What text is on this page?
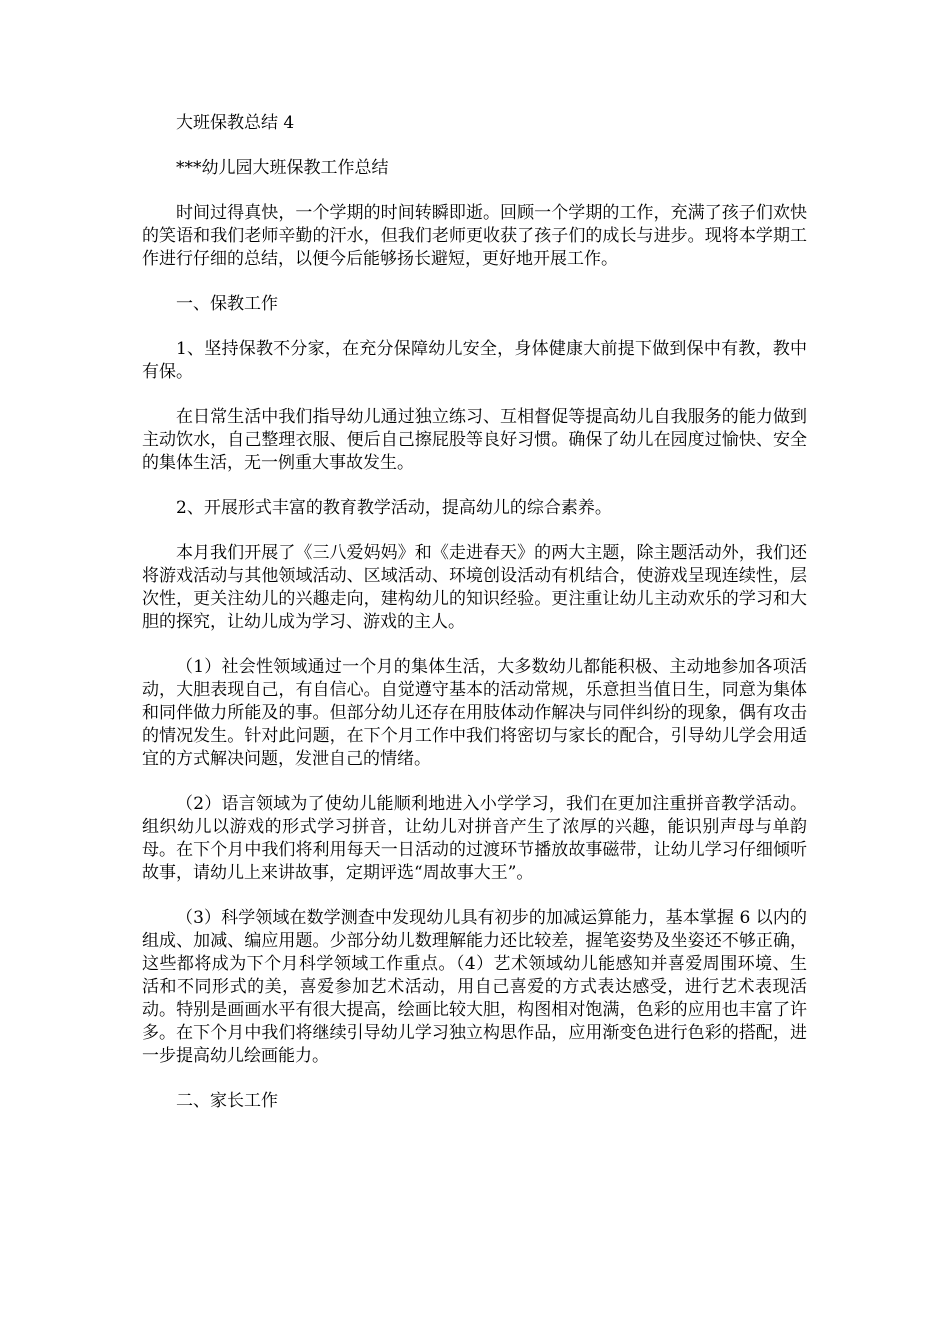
大班保教总结 4

***幼儿园大班保教工作总结

时间过得真快，一个学期的时间转瞬即逝。回顾一个学期的工作，充满了孩子们欢快的笑语和我们老师辛勤的汗水，但我们老师更收获了孩子们的成长与进步。现将本学期工作进行仔细的总结，以便今后能够扬长避短，更好地开展工作。

一、保教工作

1、坚持保教不分家，在充分保障幼儿安全，身体健康大前提下做到保中有教，教中有保。

在日常生活中我们指导幼儿通过独立练习、互相督促等提高幼儿自我服务的能力做到主动饮水，自己整理衣服、便后自己擦屁股等良好习惯。确保了幼儿在园度过愉快、安全的集体生活，无一例重大事故发生。

2、开展形式丰富的教育教学活动，提高幼儿的综合素养。

本月我们开展了《三八爱妈妈》和《走进春天》的两大主题，除主题活动外，我们还将游戏活动与其他领域活动、区域活动、环境创设活动有机结合，使游戏呈现连续性，层次性，更关注幼儿的兴趣走向，建构幼儿的知识经验。更注重让幼儿主动欢乐的学习和大胆的探究，让幼儿成为学习、游戏的主人。

（1）社会性领域通过一个月的集体生活，大多数幼儿都能积极、主动地参加各项活动，大胆表现自己，有自信心。自觉遵守基本的活动常规，乐意担当值日生，同意为集体和同伴做力所能及的事。但部分幼儿还存在用肢体动作解决与同伴纠纷的现象，偶有攻击的情况发生。针对此问题，在下个月工作中我们将密切与家长的配合，引导幼儿学会用适宜的方式解决问题，发泄自己的情绪。

（2）语言领域为了使幼儿能顺利地进入小学学习，我们在更加注重拼音教学活动。组织幼儿以游戏的形式学习拼音，让幼儿对拼音产生了浓厚的兴趣，能识别声母与单韵母。在下个月中我们将利用每天一日活动的过渡环节播放故事磁带，让幼儿学习仔细倾听故事，请幼儿上来讲故事，定期评选“周故事大王”。

（3）科学领域在数学测查中发现幼儿具有初步的加减运算能力，基本掌握 6 以内的组成、加减、编应用题。少部分幼儿数理解能力还比较差，握笔姿势及坐姿还不够正确，这些都将成为下个月科学领域工作重点。（4）艺术领域幼儿能感知并喜爱周围环境、生活和不同形式的美，喜爱参加艺术活动，用自己喜爱的方式表达感受，进行艺术表现活动。特别是画画水平有很大提高，绘画比较大胆，构图相对饱满，色彩的应用也丰富了许多。在下个月中我们将继续引导幼儿学习独立构思作品，应用渐变色进行色彩的搭配，进一步提高幼儿绘画能力。

二、家长工作
